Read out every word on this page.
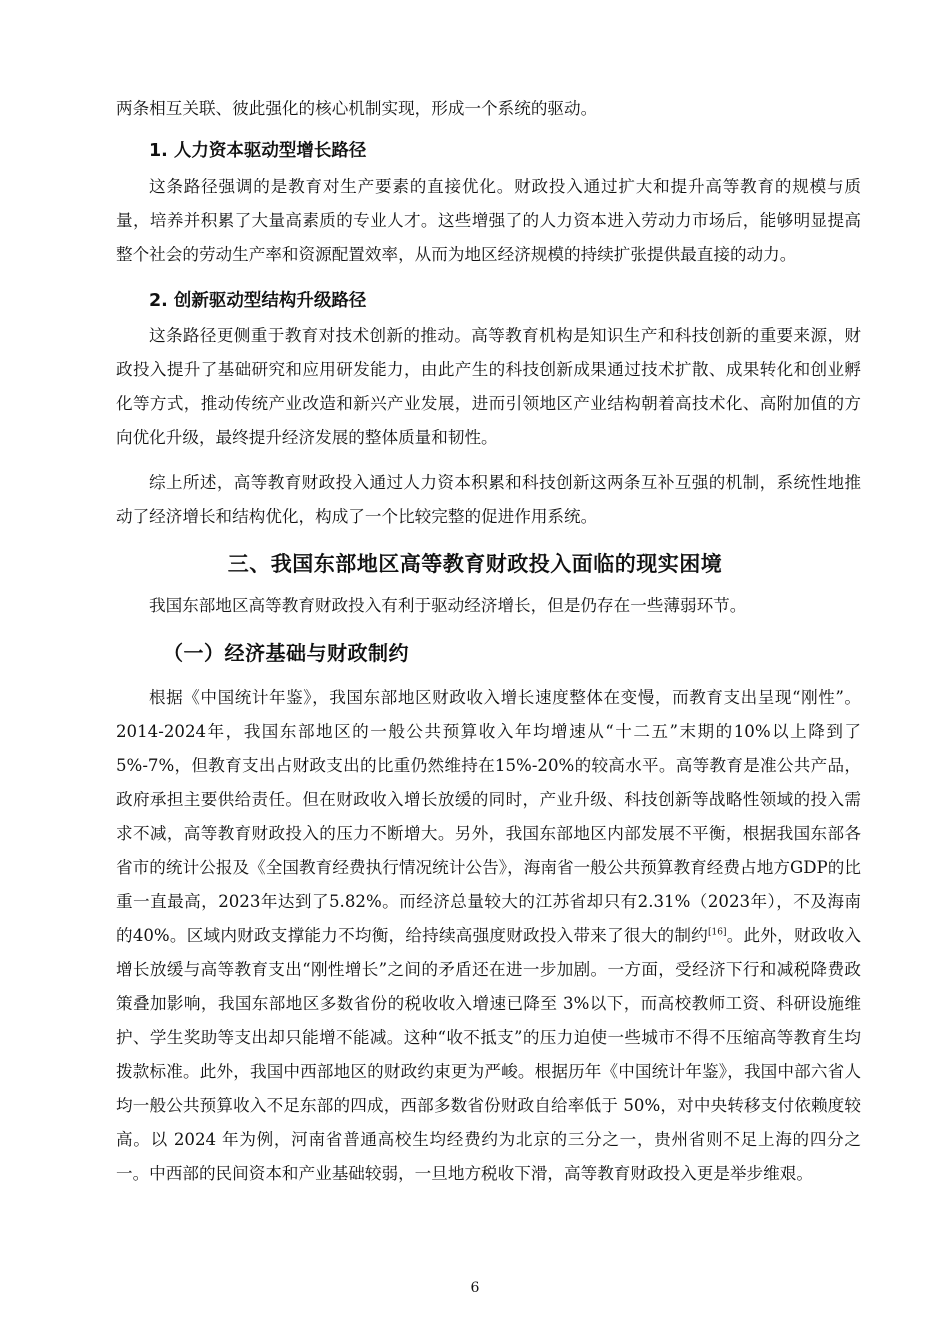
两条相互关联、彼此强化的核心机制实现，形成一个系统的驱动。

1. 人力资本驱动型增长路径

这条路径强调的是教育对生产要素的直接优化。财政投入通过扩大和提升高等教育的规模与质量，培养并积累了大量高素质的专业人才。这些增强了的人力资本进入劳动力市场后，能够明显提高整个社会的劳动生产率和资源配置效率，从而为地区经济规模的持续扩张提供最直接的动力。

2. 创新驱动型结构升级路径

这条路径更侧重于教育对技术创新的推动。高等教育机构是知识生产和科技创新的重要来源，财政投入提升了基础研究和应用研发能力，由此产生的科技创新成果通过技术扩散、成果转化和创业孵化等方式，推动传统产业改造和新兴产业发展，进而引领地区产业结构朝着高技术化、高附加值的方向优化升级，最终提升经济发展的整体质量和韧性。

综上所述，高等教育财政投入通过人力资本积累和科技创新这两条互补互强的机制，系统性地推动了经济增长和结构优化，构成了一个比较完整的促进作用系统。

三、我国东部地区高等教育财政投入面临的现实困境

我国东部地区高等教育财政投入有利于驱动经济增长，但是仍存在一些薄弱环节。

（一）经济基础与财政制约

根据《中国统计年鉴》，我国东部地区财政收入增长速度整体在变慢，而教育支出呈现“刚性”。2014-2024年，我国东部地区的一般公共预算收入年均增速从“十二五”末期的10%以上降到了5%-7%，但教育支出占财政支出的比重仍然维持在15%-20%的较高水平。高等教育是准公共产品，政府承担主要供给责任。但在财政收入增长放缓的同时，产业升级、科技创新等战略性领域的投入需求不减，高等教育财政投入的压力不断增大。另外，我国东部地区内部发展不平衡，根据我国东部各省市的统计公报及《全国教育经费执行情况统计公告》，海南省一般公共预算教育经费占地方GDP的比重一直最高，2023年达到了5.82%。而经济总量较大的江苏省却只有2.31%（2023年），不及海南的40%。区域内财政支撑能力不均衡，给持续高强度财政投入带来了很大的制约[16]。此外，财政收入增长放缓与高等教育支出“刚性增长”之间的矛盾还在进一步加剧。一方面，受经济下行和减税降费政策叠加影响，我国东部地区多数省份的税收收入增速已降至 3%以下，而高校教师工资、科研设施维护、学生奖助等支出却只能增不能减。这种“收不抵支”的压力迫使一些城市不得不压缩高等教育生均拨款标准。此外，我国中西部地区的财政约束更为严峻。根据历年《中国统计年鉴》，我国中部六省人均一般公共预算收入不足东部的四成，西部多数省份财政自给率低于 50%，对中央转移支付依赖度较高。以 2024 年为例，河南省普通高校生均经费约为北京的三分之一，贵州省则不足上海的四分之一。中西部的民间资本和产业基础较弱，一旦地方税收下滑，高等教育财政投入更是举步维艰。

6
